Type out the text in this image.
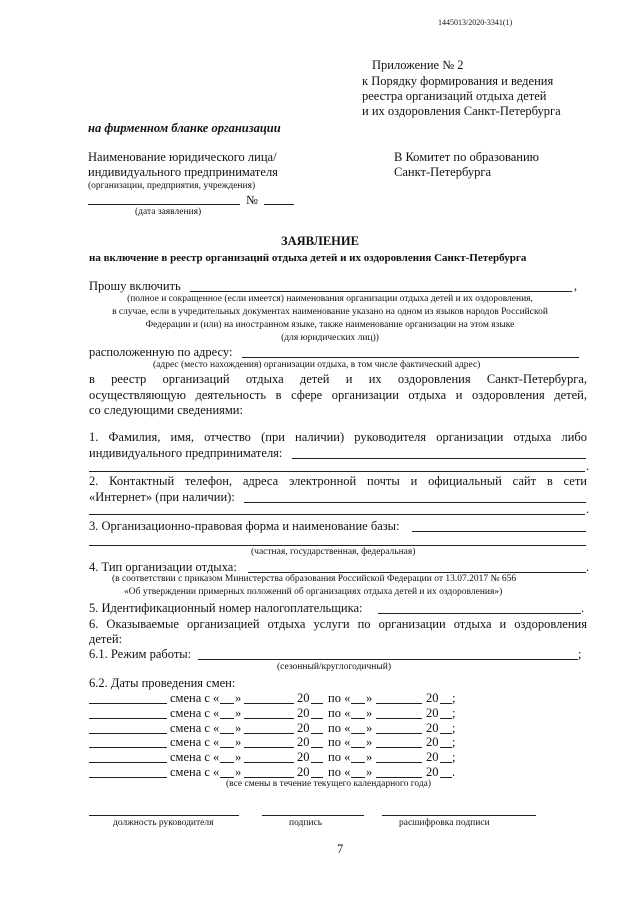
1445013/2020-3341(1)
Приложение № 2
к Порядку формирования и ведения
реестра организаций отдыха детей
и их оздоровления Санкт-Петербурга
на фирменном бланке организации
Наименование юридического лица/
индивидуального предпринимателя
(организации, предприятия, учреждения)
№
(дата заявления)
В Комитет по образованию
Санкт-Петербурга
ЗАЯВЛЕНИЕ
на включение в реестр организаций отдыха детей и их оздоровления Санкт-Петербурга
Прошу включить	,
(полное и сокращенное (если имеется) наименования организации отдыха детей и их оздоровления,
в случае, если в учредительных документах наименование указано на одном из языков народов Российской
Федерации и (или) на иностранном языке, также наименование организации на этом языке
(для юридических лиц))
расположенную по адресу:
(адрес (место нахождения) организации отдыха, в том числе фактический адрес)
в реестр организаций отдыха детей и их оздоровления Санкт-Петербурга,
осуществляющую деятельность в сфере организации отдыха и оздоровления детей,
со следующими сведениями:
1. Фамилия, имя, отчество (при наличии) руководителя организации отдыха либо
индивидуального предпринимателя:
.
2. Контактный телефон, адреса электронной почты и официальный сайт в сети
«Интернет» (при наличии):
.
3. Организационно-правовая форма и наименование базы:
(частная, государственная, федеральная)
4. Тип организации отдыха:	.
(в соответствии с приказом Министерства образования Российской Федерации от 13.07.2017 № 656
«Об утверждении примерных положений об организациях отдыха детей и их оздоровления»)
5. Идентификационный номер налогоплательщика:	.
6. Оказываемые организацией отдыха услуги по организации отдыха и оздоровления
детей:
6.1. Режим работы:	;
(сезонный/круглогодичный)
6.2. Даты проведения смен:
смена с « »	20 по « »	20 ;
смена с « »	20 по « »	20 ;
смена с « »	20 по « »	20 ;
смена с « »	20 по « »	20 ;
смена с « »	20 по « »	20 ;
смена с « »	20 по « »	20 .
(все смены в течение текущего календарного года)
должность руководителя	подпись	расшифровка подписи
7
